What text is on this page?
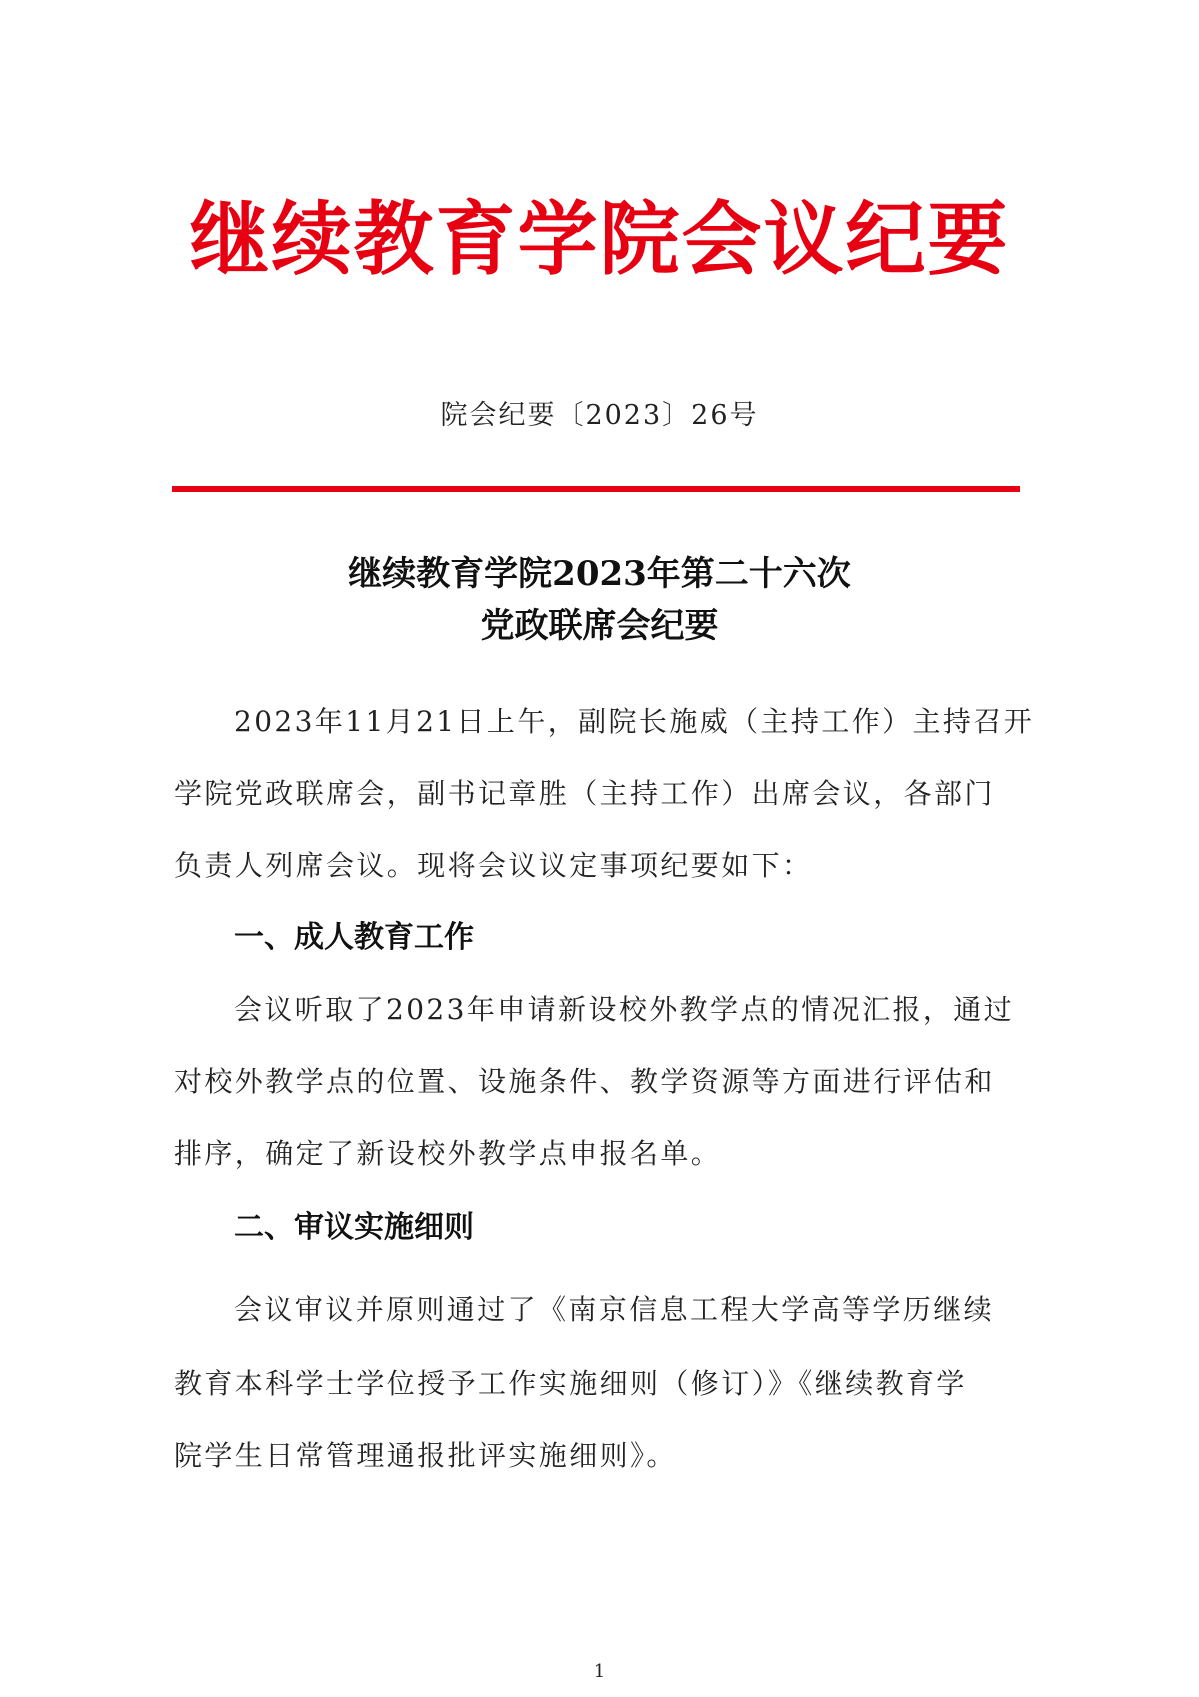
继续教育学院会议纪要
院会纪要〔2023〕26号
继续教育学院2023年第二十六次
党政联席会纪要
2023年11月21日上午，副院长施威（主持工作）主持召开
学院党政联席会，副书记章胜（主持工作）出席会议，各部门
负责人列席会议。现将会议议定事项纪要如下：
一、成人教育工作
会议听取了2023年申请新设校外教学点的情况汇报，通过
对校外教学点的位置、设施条件、教学资源等方面进行评估和
排序，确定了新设校外教学点申报名单。
二、审议实施细则
会议审议并原则通过了《南京信息工程大学高等学历继续
教育本科学士学位授予工作实施细则（修订）》《继续教育学
院学生日常管理通报批评实施细则》。
1
